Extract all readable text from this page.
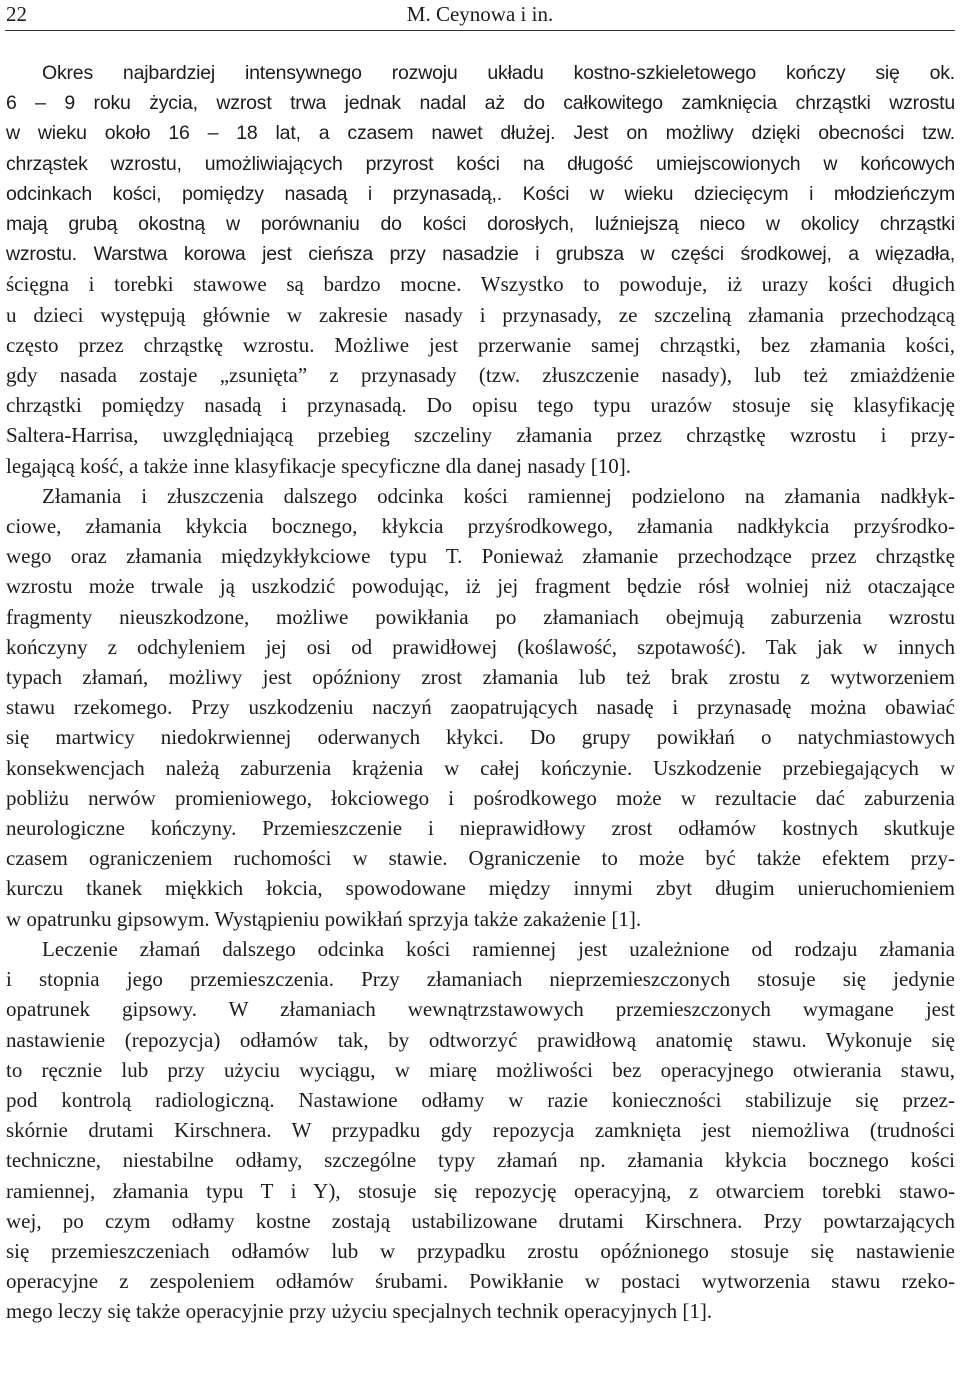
22	M. Ceynowa i in.
Okres najbardziej intensywnego rozwoju układu kostno-szkieletowego kończy się ok.
6 – 9 roku życia, wzrost trwa jednak nadal aż do całkowitego zamknięcia chrząstki wzrostu
w wieku około 16 – 18 lat, a czasem nawet dłużej. Jest on możliwy dzięki obecności tzw.
chrząstek wzrostu, umożliwiających przyrost kości na długość umiejscowionych w końcowych
odcinkach kości, pomiędzy nasadą i przynasadą,. Kości w wieku dziecięcym i młodzieńczym
mają grubą okostną w porównaniu do kości dorosłych, luźniejszą nieco w okolicy chrząstki
wzrostu. Warstwa korowa jest cieńsza przy nasadzie i grubsza w części środkowej, a więzadła,
ścięgna i torebki stawowe są bardzo mocne. Wszystko to powoduje, iż urazy kości długich
u dzieci występują głównie w zakresie nasady i przynasady, ze szczeliną złamania przechodzącą
często przez chrząstkę wzrostu. Możliwe jest przerwanie samej chrząstki, bez złamania kości,
gdy nasada zostaje „zsunięta” z przynasady (tzw. złuszczenie nasady), lub też zmiażdżenie
chrząstki pomiędzy nasadą i przynasadą. Do opisu tego typu urazów stosuje się klasyfikację
Saltera-Harrisa, uwzględniającą przebieg szczeliny złamania przez chrząstkę wzrostu i przy-
legającą kość, a także inne klasyfikacje specyficzne dla danej nasady [10].
Złamania i złuszczenia dalszego odcinka kości ramiennej podzielono na złamania nadkłyk-
ciowe, złamania kłykcia bocznego, kłykcia przyśrodkowego, złamania nadkłykcia przyśrodko-
wego oraz złamania międzykłykciowe typu T. Ponieważ złamanie przechodzące przez chrząstkę
wzrostu może trwale ją uszkodzić powodując, iż jej fragment będzie rósł wolniej niż otaczające
fragmenty nieuszkodzone, możliwe powikłania po złamaniach obejmują zaburzenia wzrostu
kończyny z odchyleniem jej osi od prawidłowej (koślawość, szpotawość). Tak jak w innych
typach złamań, możliwy jest opóźniony zrost złamania lub też brak zrostu z wytworzeniem
stawu rzekomego. Przy uszkodzeniu naczyń zaopatrujących nasadę i przynasadę można obawiać
się martwicy niedokrwiennej oderwanych kłykci. Do grupy powikłań o natychmiastowych
konsekwencjach należą zaburzenia krążenia w całej kończynie. Uszkodzenie przebiegających w
pobliżu nerwów promieniowego, łokciowego i pośrodkowego może w rezultacie dać zaburzenia
neurologiczne kończyny. Przemieszczenie i nieprawidłowy zrost odłamów kostnych skutkuje
czasem ograniczeniem ruchomości w stawie. Ograniczenie to może być także efektem przy-
kurczu tkanek miękkich łokcia, spowodowane między innymi zbyt długim unieruchomieniem
w opatrunku gipsowym. Wystąpieniu powikłań sprzyja także zakażenie [1].
Leczenie złamań dalszego odcinka kości ramiennej jest uzależnione od rodzaju złamania
i stopnia jego przemieszczenia. Przy złamaniach nieprzemieszczonych stosuje się jedynie
opatrunek gipsowy. W złamaniach wewnątrzstawowych przemieszczonych wymagane jest
nastawienie (repozycja) odłamów tak, by odtworzyć prawidłową anatomię stawu. Wykonuje się
to ręcznie lub przy użyciu wyciągu, w miarę możliwości bez operacyjnego otwierania stawu,
pod kontrolą radiologiczną. Nastawione odłamy w razie konieczności stabilizuje się przez-
skórnie drutami Kirschnera. W przypadku gdy repozycja zamknięta jest niemożliwa (trudności
techniczne, niestabilne odłamy, szczególne typy złamań np. złamania kłykcia bocznego kości
ramiennej, złamania typu T i Y), stosuje się repozycję operacyjną, z otwarciem torebki stawo-
wej, po czym odłamy kostne zostają ustabilizowane drutami Kirschnera. Przy powtarzających
się przemieszczeniach odłamów lub w przypadku zrostu opóźnionego stosuje się nastawienie
operacyjne z zespoleniem odłamów śrubami. Powikłanie w postaci wytworzenia stawu rzeko-
mego leczy się także operacyjnie przy użyciu specjalnych technik operacyjnych [1].
